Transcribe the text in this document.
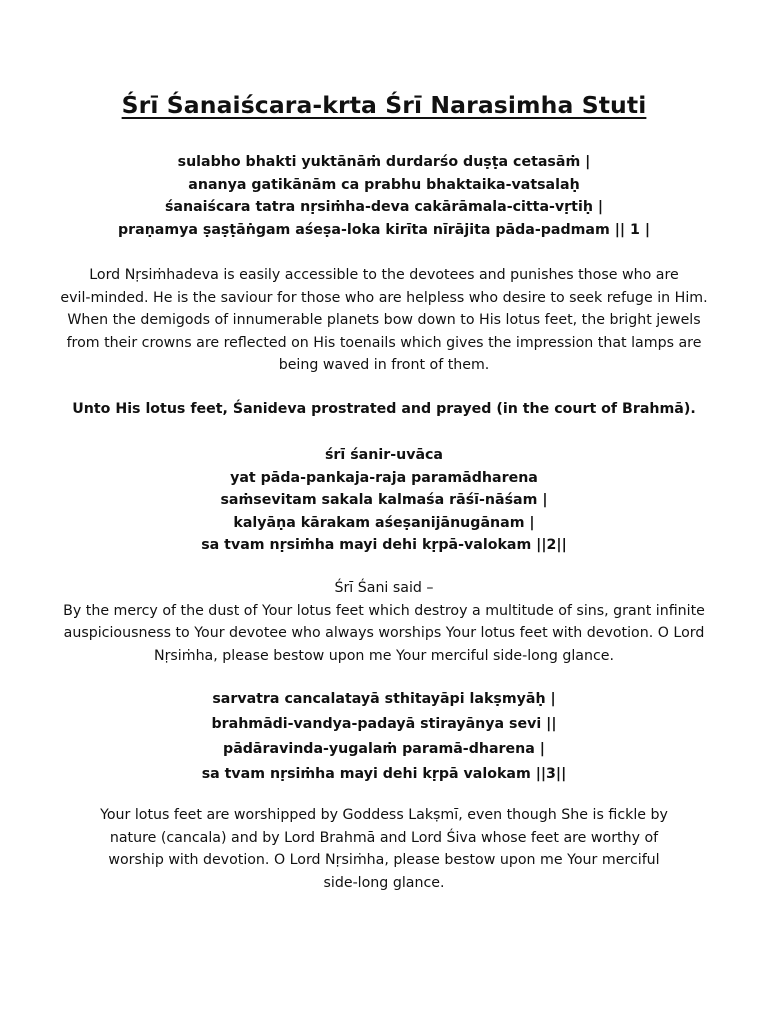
Śrī Śanaiścara-krta Śrī Narasimha Stuti
sulabho bhakti yuktānāṁ durdarśo duṣṭa cetasāṁ |
ananya gatikānām ca prabhu bhaktaika-vatsalaḥ
śanaiścara tatra nṛsiṁha-deva cakārāmala-citta-vṛtiḥ |
praṇamya ṣaṣṭāṅgam aśeṣa-loka kirīta nīrājita pāda-padmam || 1 |
Lord Nṛsiṁhadeva is easily accessible to the devotees and punishes those who are
evil-minded. He is the saviour for those who are helpless who desire to seek refuge in Him.
When the demigods of innumerable planets bow down to His lotus feet, the bright jewels
from their crowns are reflected on His toenails which gives the impression that lamps are
being waved in front of them.
Unto His lotus feet, Śanideva prostrated and prayed (in the court of Brahmā).
śrī śanir-uvāca
yat pāda-pankaja-raja paramādharena
saṁsevitam sakala kalmaśa rāśī-nāśam |
kalyāṇa kārakam aśeṣanijānugānam |
sa tvam nṛsiṁha mayi dehi kṛpā-valokam ||2||
Śrī Śani said –
By the mercy of the dust of Your lotus feet which destroy a multitude of sins, grant infinite
auspiciousness to Your devotee who always worships Your lotus feet with devotion. O Lord
Nṛsiṁha, please bestow upon me Your merciful side-long glance.
sarvatra cancalatayā sthitayāpi lakṣmyāḥ |
brahmādi-vandya-padayā stirayānya sevi ||
pādāravinda-yugalaṁ paramā-dharena |
sa tvam nṛsiṁha mayi dehi kṛpā valokam ||3||
Your lotus feet are worshipped by Goddess Lakṣmī, even though She is fickle by
nature (cancala) and by Lord Brahmā and Lord Śiva whose feet are worthy of
worship with devotion. O Lord Nṛsiṁha, please bestow upon me Your merciful
side-long glance.
